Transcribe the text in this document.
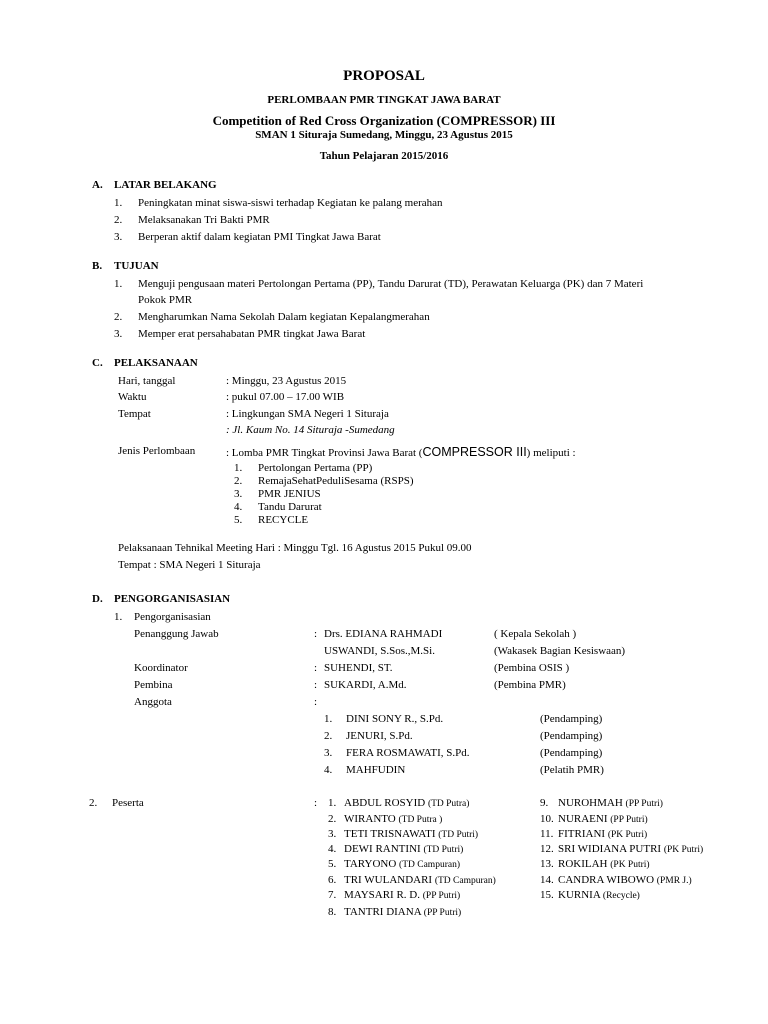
PROPOSAL
PERLOMBAAN PMR TINGKAT JAWA BARAT
Competition of Red Cross Organization (COMPRESSOR) III
SMAN 1 Situraja Sumedang, Minggu, 23 Agustus 2015
Tahun Pelajaran 2015/2016
A. LATAR BELAKANG
1. Peningkatan minat siswa-siswi terhadap Kegiatan ke palang merahan
2. Melaksanakan Tri Bakti PMR
3. Berperan aktif dalam kegiatan PMI Tingkat Jawa Barat
B. TUJUAN
1. Menguji pengusaan materi Pertolongan Pertama (PP), Tandu Darurat (TD), Perawatan Keluarga (PK) dan 7 Materi
Pokok PMR
2. Mengharumkan Nama Sekolah Dalam kegiatan Kepalangmerahan
3. Memper erat persahabatan PMR tingkat Jawa Barat
C. PELAKSANAAN
Hari, tanggal	: Minggu, 23 Agustus 2015
Waktu	: pukul 07.00 – 17.00 WIB
Tempat	: Lingkungan SMA Negeri 1 Situraja
: Jl. Kaum No. 14 Situraja -Sumedang
Jenis Perlombaan	: Lomba PMR Tingkat Provinsi Jawa Barat (COMPRESSOR III) meliputi :
1. Pertolongan Pertama (PP)
2. RemajaSehatPeduliSesama (RSPS)
3. PMR JENIUS
4. Tandu Darurat
5. RECYCLE
Pelaksanaan Tehnikal Meeting Hari : Minggu Tgl. 16 Agustus 2015 Pukul 09.00
Tempat : SMA Negeri 1 Situraja
D. PENGORGANISASIAN
1. Pengorganisasian
Penanggung Jawab	: Drs. EDIANA RAHMADI	( Kepala Sekolah )
USWANDI, S.Sos.,M.Si.	(Wakasek Bagian Kesiswaan)
Koordinator	: SUHENDI, ST.	(Pembina OSIS )
Pembina	: SUKARDI, A.Md.	(Pembina PMR)
Anggota	:
1. DINI SONY R., S.Pd.	(Pendamping)
2. JENURI, S.Pd.	(Pendamping)
3. FERA ROSMAWATI, S.Pd.	(Pendamping)
4. MAHFUDIN	(Pelatih PMR)
2. Peserta	: 1. ABDUL ROSYID (TD Putra)
2. WIRANTO (TD Putra )
3. TETI TRISNAWATI (TD Putri)
4. DEWI RANTINI (TD Putri)
5. TARYONO (TD Campuran)
6. TRI WULANDARI (TD Campuran)
7. MAYSARI R. D. (PP Putri)
8. TANTRI DIANA (PP Putri)
9. NUROHMAH (PP Putri)
10. NURAENI (PP Putri)
11. FITRIANI (PK Putri)
12. SRI WIDIANA PUTRI (PK Putri)
13. ROKILAH (PK Putri)
14. CANDRA WIBOWO (PMR J.)
15. KURNIA (Recycle)
